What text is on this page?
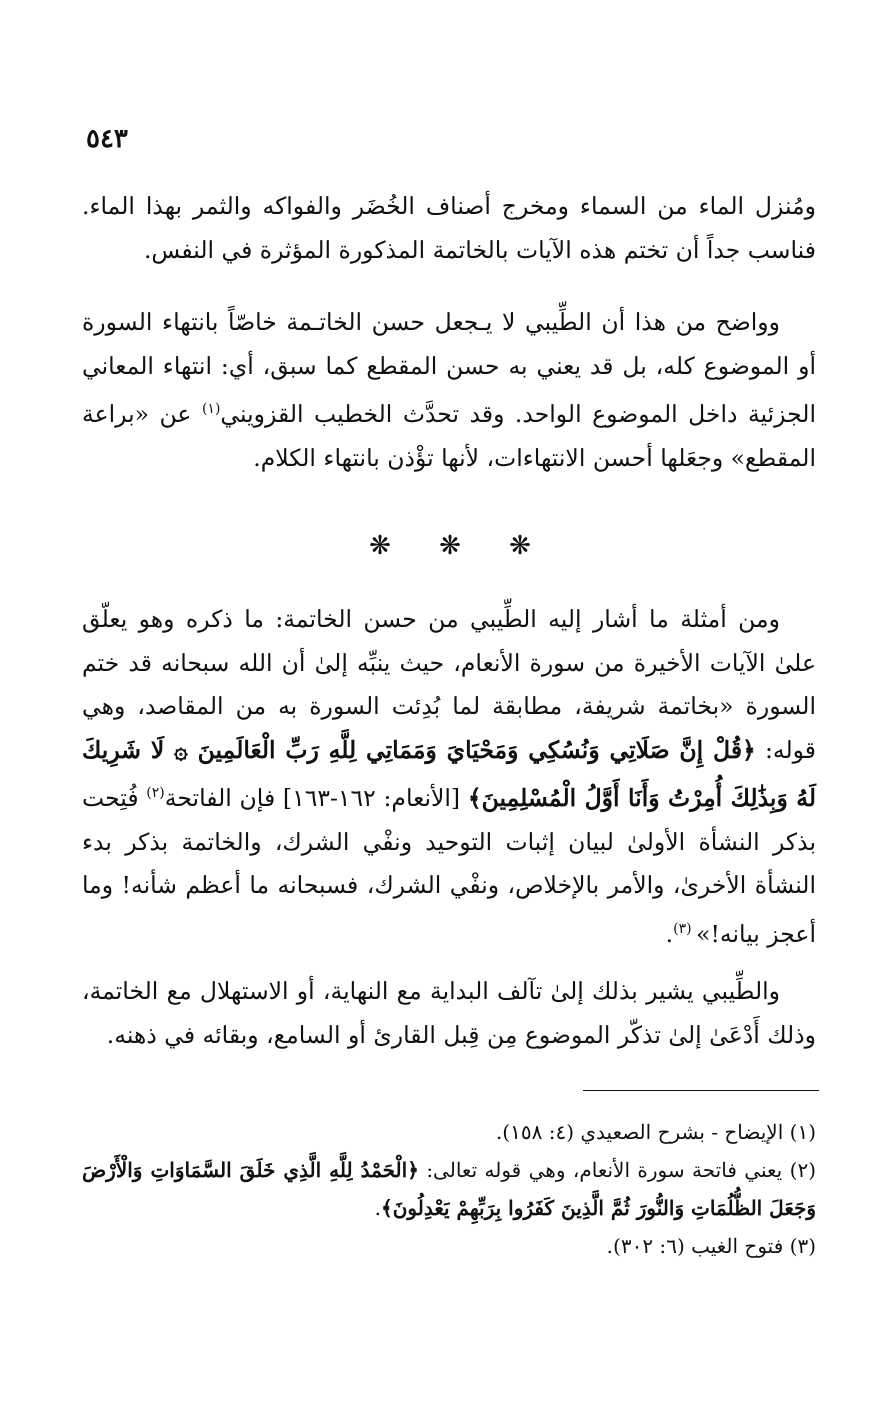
٥٤٣

ومُنزل الماء من السماء ومخرج أصناف الخُضَر والفواكه والثمر بهذا الماء. فناسب جداً أن تختم هذه الآيات بالخاتمة المذكورة المؤثرة في النفس.

وواضح من هذا أن الطِّيبي لا يـجعل حسن الخاتـمة خاصّاً بانتهاء السورة أو الموضوع كله، بل قد يعني به حسن المقطع كما سبق، أي: انتهاء المعاني الجزئية داخل الموضوع الواحد. وقد تحدَّث الخطيب القزويني$^{(١)}$ عن «براعة المقطع» وجعَلها أحسن الانتهاءات، لأنها تؤْذن بانتهاء الكلام.

❋
❋
❋

ومن أمثلة ما أشار إليه الطِّيبي من حسن الخاتمة: ما ذكره وهو يعلّق علىٰ الآيات الأخيرة من سورة الأنعام، حيث ينبِّه إلىٰ أن الله سبحانه قد ختم السورة «بخاتمة شريفة، مطابقة لما بُدِئت السورة به من المقاصد، وهي قوله: ﴿قُلْ إِنَّ صَلَاتِي وَنُسُكِي وَمَحْيَايَ وَمَمَاتِي لِلَّهِ رَبِّ الْعَالَمِينَ ۞ لَا شَرِيكَ لَهُ وَبِذَٰلِكَ أُمِرْتُ وَأَنَا أَوَّلُ الْمُسْلِمِينَ﴾ [الأنعام: ١٦٢-١٦٣] فإن الفاتحة$^{(٢)}$ فُتِحت بذكر النشأة الأولىٰ لبيان إثبات التوحيد ونفْي الشرك، والخاتمة بذكر بدء النشأة الأخرىٰ، والأمر بالإخلاص، ونفْي الشرك، فسبحانه ما أعظم شأنه! وما أعجز بيانه!» $^{(٣)}$.

والطِّيبي يشير بذلك إلىٰ تآلف البداية مع النهاية، أو الاستهلال مع الخاتمة، وذلك أَدْعَىٰ إلىٰ تذكّر الموضوع مِن قِبل القارئ أو السامع، وبقائه في ذهنه.

(١) الإيضاح - بشرح الصعيدي (٤: ١٥٨).

(٢) يعني فاتحة سورة الأنعام، وهي قوله تعالى: ﴿الْحَمْدُ لِلَّهِ الَّذِي خَلَقَ السَّمَاوَاتِ وَالْأَرْضَ وَجَعَلَ الظُّلُمَاتِ وَالنُّورَ ثُمَّ الَّذِينَ كَفَرُوا بِرَبِّهِمْ يَعْدِلُونَ﴾.

(٣) فتوح الغيب (٦: ٣٠٢).
